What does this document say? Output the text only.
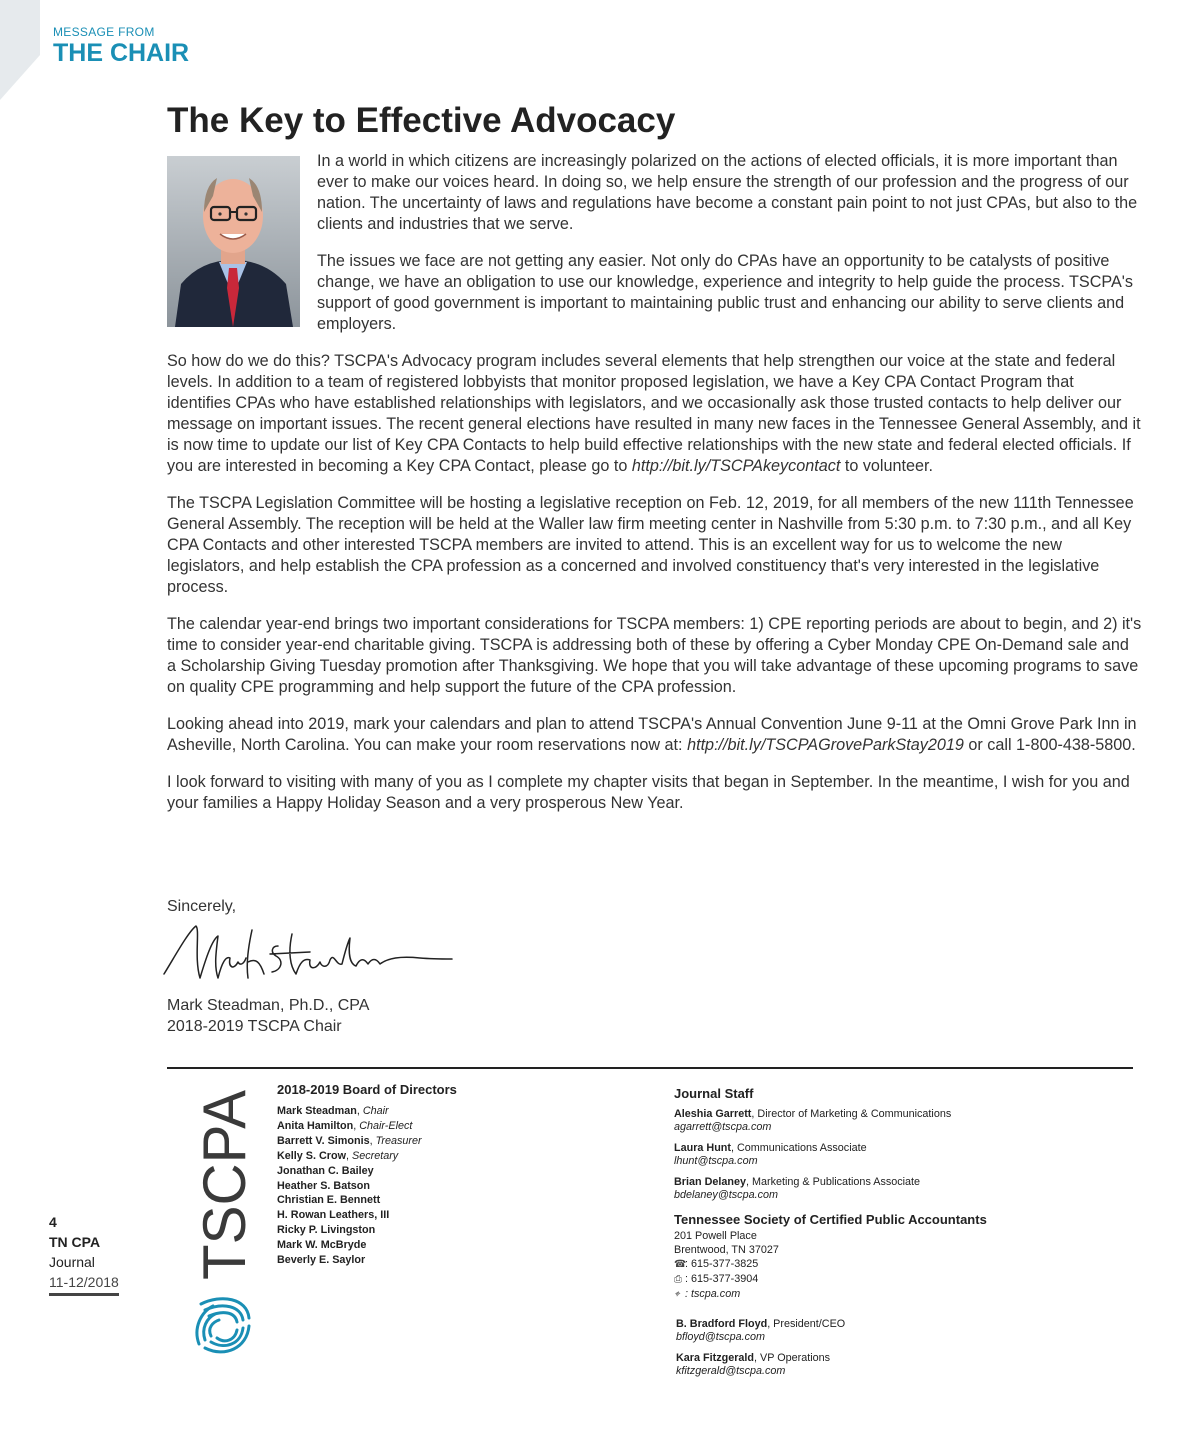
MESSAGE FROM
THE CHAIR
The Key to Effective Advocacy

In a world in which citizens are increasingly polarized on the actions of elected officials, it is more important than ever to make our voices heard. In doing so, we help ensure the strength of our profession and the progress of our nation. The uncertainty of laws and regulations have become a constant pain point to not just CPAs, but also to the clients and industries that we serve.

The issues we face are not getting any easier. Not only do CPAs have an opportunity to be catalysts of positive change, we have an obligation to use our knowledge, experience and integrity to help guide the process. TSCPA's support of good government is important to maintaining public trust and enhancing our ability to serve clients and employers.

So how do we do this? TSCPA's Advocacy program includes several elements that help strengthen our voice at the state and federal levels. In addition to a team of registered lobbyists that monitor proposed legislation, we have a Key CPA Contact Program that identifies CPAs who have established relationships with legislators, and we occasionally ask those trusted contacts to help deliver our message on important issues. The recent general elections have resulted in many new faces in the Tennessee General Assembly, and it is now time to update our list of Key CPA Contacts to help build effective relationships with the new state and federal elected officials. If you are interested in becoming a Key CPA Contact, please go to http://bit.ly/TSCPAkeycontact to volunteer.

The TSCPA Legislation Committee will be hosting a legislative reception on Feb. 12, 2019, for all members of the new 111th Tennessee General Assembly. The reception will be held at the Waller law firm meeting center in Nashville from 5:30 p.m. to 7:30 p.m., and all Key CPA Contacts and other interested TSCPA members are invited to attend. This is an excellent way for us to welcome the new legislators, and help establish the CPA profession as a concerned and involved constituency that's very interested in the legislative process.

The calendar year-end brings two important considerations for TSCPA members: 1) CPE reporting periods are about to begin, and 2) it's time to consider year-end charitable giving. TSCPA is addressing both of these by offering a Cyber Monday CPE On-Demand sale and a Scholarship Giving Tuesday promotion after Thanksgiving. We hope that you will take advantage of these upcoming programs to save on quality CPE programming and help support the future of the CPA profession.

Looking ahead into 2019, mark your calendars and plan to attend TSCPA's Annual Convention June 9-11 at the Omni Grove Park Inn in Asheville, North Carolina. You can make your room reservations now at: http://bit.ly/TSCPAGroveParkStay2019 or call 1-800-438-5800.

I look forward to visiting with many of you as I complete my chapter visits that began in September. In the meantime, I wish for you and your families a Happy Holiday Season and a very prosperous New Year.

Sincerely,
Mark Steadman, Ph.D., CPA
2018-2019 TSCPA Chair
TSCPA 2018-2019 Board of Directors
Mark Steadman, Chair
Anita Hamilton, Chair-Elect
Barrett V. Simonis, Treasurer
Kelly S. Crow, Secretary
Jonathan C. Bailey
Heather S. Batson
Christian E. Bennett
H. Rowan Leathers, III
Ricky P. Livingston
Mark W. McBryde
Beverly E. Saylor
Journal Staff
Aleshia Garrett, Director of Marketing & Communications
agarrett@tscpa.com
Laura Hunt, Communications Associate
lhunt@tscpa.com
Brian Delaney, Marketing & Publications Associate
bdelaney@tscpa.com
Tennessee Society of Certified Public Accountants
201 Powell Place
Brentwood, TN 37027
☎: 615-377-3825
⎙ : 615-377-3904
⌖ : tscpa.com
B. Bradford Floyd, President/CEO
bfloyd@tscpa.com
Kara Fitzgerald, VP Operations
kfitzgerald@tscpa.com
4
TN CPA
Journal
11-12/2018
